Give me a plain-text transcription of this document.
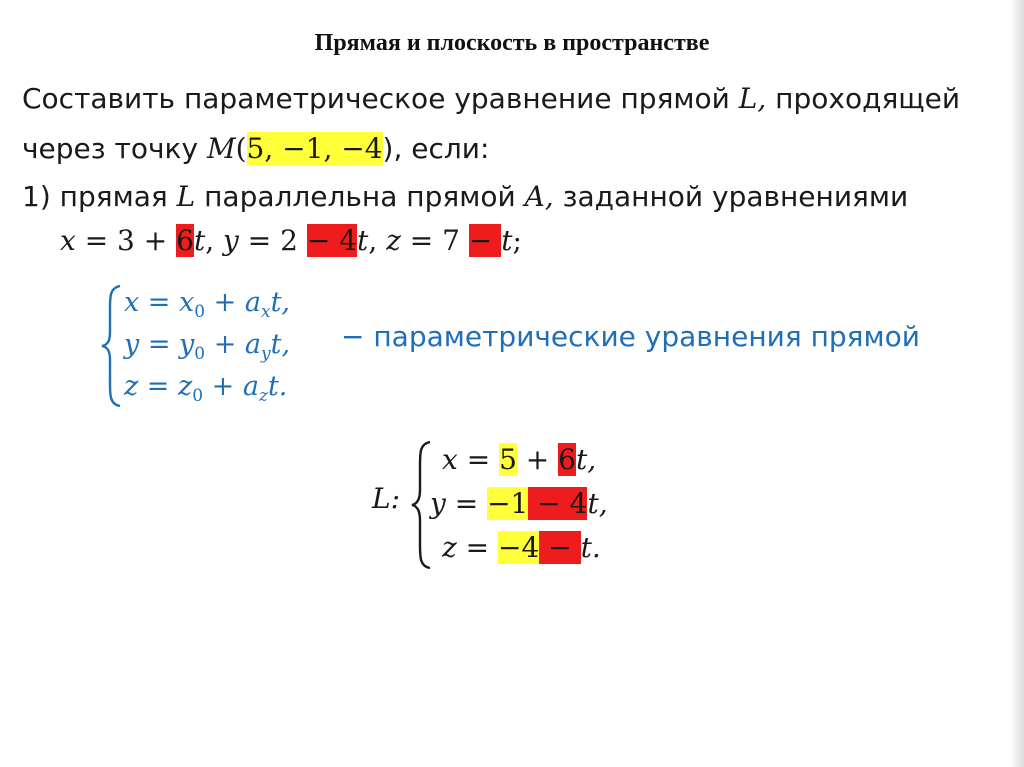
Прямая и плоскость в пространстве
Составить параметрическое уравнение прямой L, проходящей
через точку M(5, −1, −4), если:
1) прямая L параллельна прямой A, заданной уравнениями
x = 3 + 6t, y = 2 − 4t, z = 7 − t;
$x = x_0 + a_xt$,
$y = y_0 + a_yt$,
$z = z_0 + a_zt$.
− параметрические уравнения прямой
L:
x = 5 + 6t,
y = −1 − 4t,
z = −4 − t.
